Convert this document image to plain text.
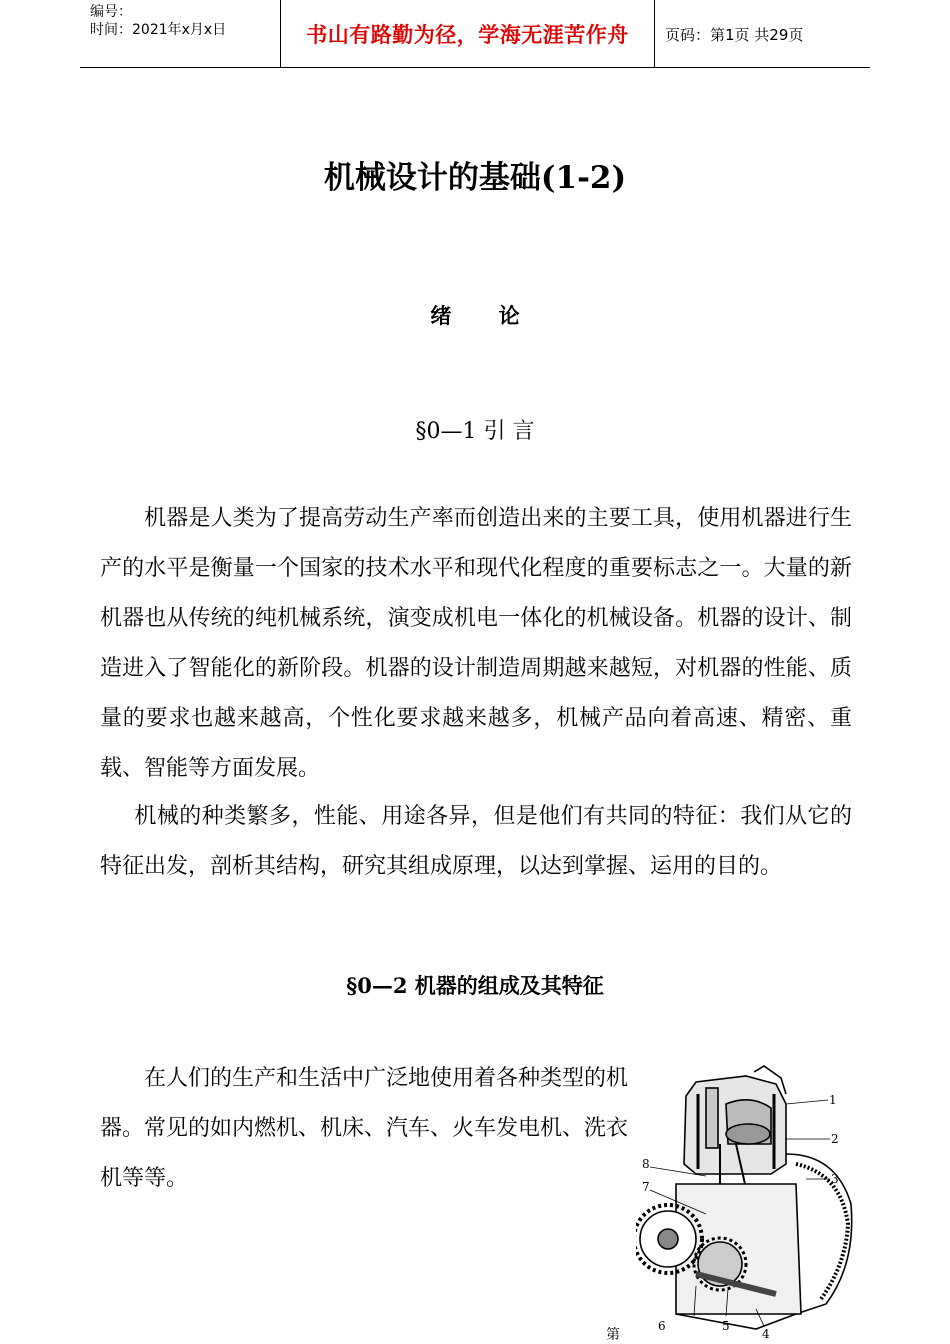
编号：
时间：2021年x月x日	书山有路勤为径，学海无涯苦作舟	页码：第1页 共29页
机械设计的基础(1-2)
绪 论
§0—1 引 言
机器是人类为了提高劳动生产率而创造出来的主要工具，使用机器进行生产的水平是衡量一个国家的技术水平和现代化程度的重要标志之一。大量的新机器也从传统的纯机械系统，演变成机电一体化的机械设备。机器的设计、制造进入了智能化的新阶段。机器的设计制造周期越来越短，对机器的性能、质量的要求也越来越高，个性化要求越来越多，机械产品向着高速、精密、重载、智能等方面发展。
机械的种类繁多，性能、用途各异，但是他们有共同的特征：我们从它的特征出发，剖析其结构，研究其组成原理，以达到掌握、运用的目的。
§0—2 机器的组成及其特征
在人们的生产和生活中广泛地使用着各种类型的机器。常见的如内燃机、机床、汽车、火车发电机、洗衣机等等。
1
2
3
4
5
6
7
8
第
